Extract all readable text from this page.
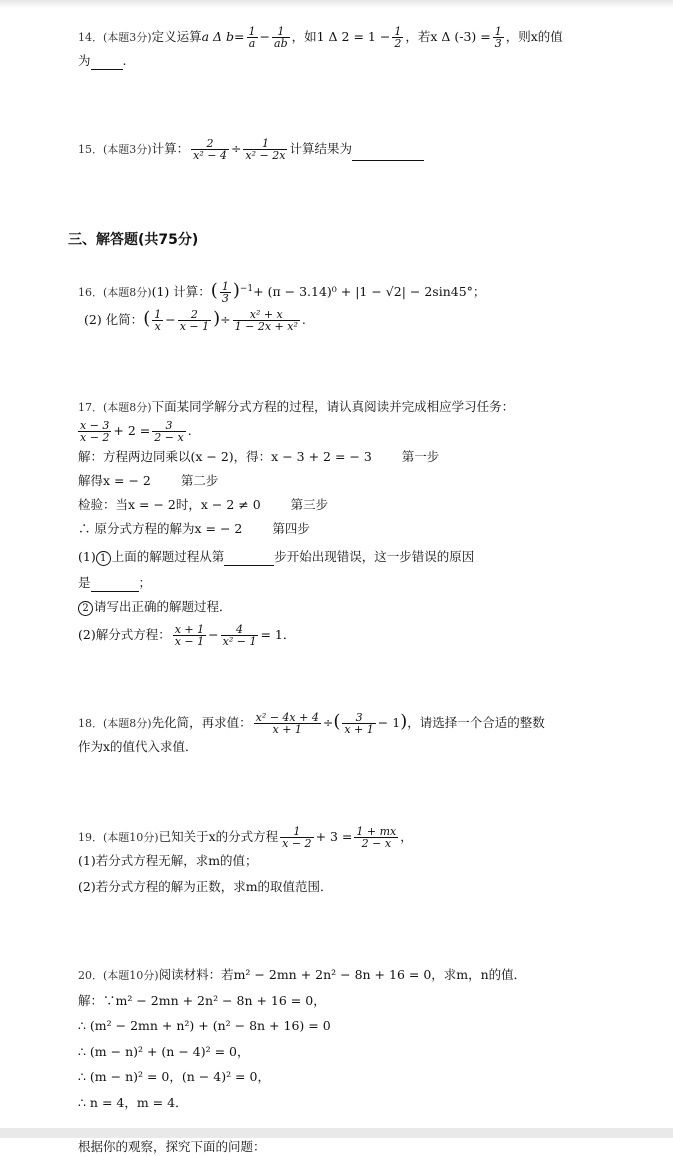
14．(本题3分)定义运算a Δ $b= \frac{1}{a} - \frac{1}{ab}$ ，如1 Δ $2 = 1 - \frac{1}{2}$ ，若x Δ $(-3) = \frac{1}{3}$ ，则x的值
为	.
15．(本题3分)计算： $\frac{2}{\text{x² − 4}} \div \frac{1}{\text{x² − 2x}}$ 计算结果为
三、解答题(共75分)
16．(本题8分)(1) 计算：( $\frac{1}{3} )^{-1}+ (\pi - 3.14)^0 + |1 - √2| - 2\sin 45^\circ$；
(2) 化简：( $\frac{1}{x} - \frac{2}{x - 1}$ )÷ $\frac{\text{x² + x}}{\text{1 − 2x + x²}}$ .
17．(本题8分)下面某同学解分式方程的过程，请认真阅读并完成相应学习任务：
$\frac{x - 3}{x - 2} + 2 = \frac{3}{2 - x}$ .
解：方程两边同乘以(x − 2)，得：x − 3 + 2 = − 3 第一步
解得x = − 2 第二步
检验：当x = − 2时，x − 2 ≠ 0 第三步
∴ 原分式方程的解为x = − 2 第四步
(1) 1 上面的解题过程从第	步开始出现错误，这一步错误的原因
是	；
2 请写出正确的解题过程．
(2)解分式方程： $\frac{x + 1}{x - 1} - \frac{4}{\text{x² − 1}} = 1$．
18．(本题8分)先化简，再求值： $\frac{\text{x² − 4x + 4}}{x + 1}$ ÷( $\frac{3}{x + 1} - 1$)，请选择一个合适的整数
作为x的值代入求值．
19．(本题10分)已知关于x的分式方程 $\frac{1}{x - 2} + 3 = \frac{1 + mx}{2 - x}$ ，
(1)若分式方程无解，求m的值；
(2)若分式方程的解为正数，求m的取值范围．
20．(本题10分)阅读材料：若m² − 2mn + 2n² − 8n + 16 = 0，求m，n的值．
解：∵m² − 2mn + 2n² − 8n + 16 = 0，
∴ (m² − 2mn + n²) + (n² − 8n + 16) = 0
∴ (m − n)² + (n − 4)² = 0，
∴ (m − n)² = 0，(n − 4)² = 0，
∴ n = 4，m = 4．
根据你的观察，探究下面的问题：
